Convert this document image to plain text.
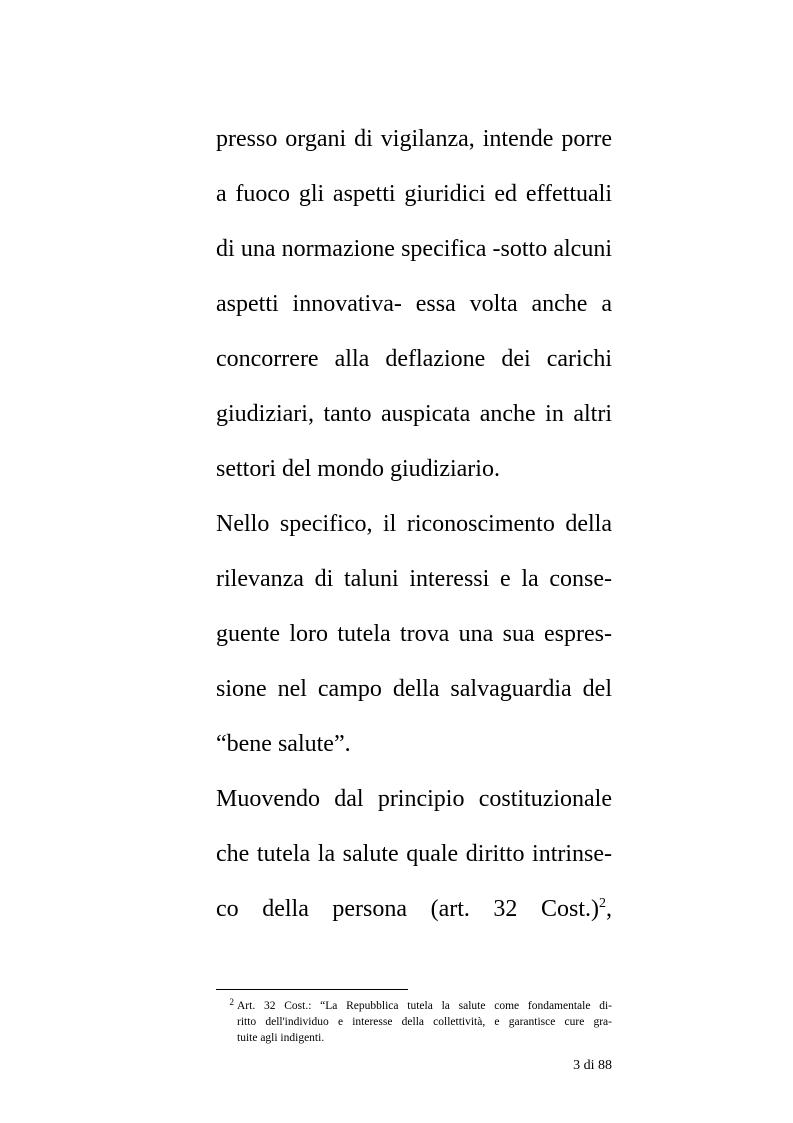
presso organi di vigilanza, intende porre
a fuoco gli aspetti giuridici ed effettuali
di una normazione specifica -sotto alcuni
aspetti innovativa- essa volta anche a
concorrere alla deflazione dei carichi
giudiziari, tanto auspicata anche in altri
settori del mondo giudiziario.
Nello specifico, il riconoscimento della
rilevanza di taluni interessi e la conse-
guente loro tutela trova una sua espres-
sione nel campo della salvaguardia del
“bene salute”.
Muovendo dal principio costituzionale
che tutela la salute quale diritto intrinse-
co della persona (art. 32 Cost.)$^2$,
2 Art. 32 Cost.: “La Repubblica tutela la salute come fondamentale di-
ritto dell'individuo e interesse della collettività, e garantisce cure gra-
tuite agli indigenti.
3 di 88
